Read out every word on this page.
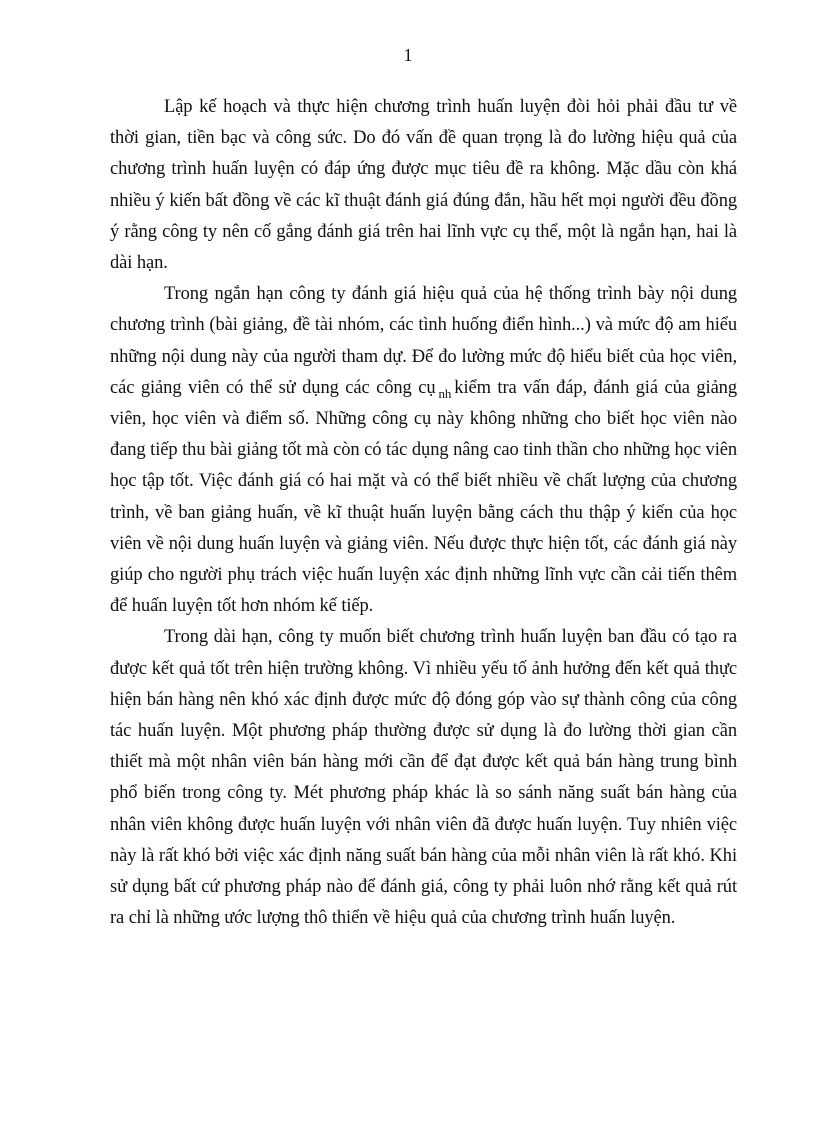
1

Lập kế hoạch và thực hiện chương trình huấn luyện đòi hỏi phải đầu tư về thời gian, tiền bạc và công sức. Do đó vấn đề quan trọng là đo lường hiệu quả của chương trình huấn luyện có đáp ứng được mục tiêu đề ra không. Mặc dầu còn khá nhiều ý kiến bất đồng về các kĩ thuật đánh giá đúng đắn, hầu hết mọi người đều đồng ý rằng công ty nên cố gắng đánh giá trên hai lĩnh vực cụ thể, một là ngắn hạn, hai là dài hạn.

Trong ngắn hạn công ty đánh giá hiệu quả của hệ thống trình bày nội dung chương trình (bài giảng, đề tài nhóm, các tình huống điển hình...) và mức độ am hiểu những nội dung này của người tham dự. Để đo lường mức độ hiểu biết của học viên, các giảng viên có thể sử dụng các công cụ $_{nh}$ kiểm tra vấn đáp, đánh giá của giảng viên, học viên và điểm số. Những công cụ này không những cho biết học viên nào đang tiếp thu bài giảng tốt mà còn có tác dụng nâng cao tinh thần cho những học viên học tập tốt. Việc đánh giá có hai mặt và có thể biết nhiều về chất lượng của chương trình, về ban giảng huấn, về kĩ thuật huấn luyện bằng cách thu thập ý kiến của học viên về nội dung huấn luyện và giảng viên. Nếu được thực hiện tốt, các đánh giá này giúp cho người phụ trách việc huấn luyện xác định những lĩnh vực cần cải tiến thêm để huấn luyện tốt hơn nhóm kế tiếp.

Trong dài hạn, công ty muốn biết chương trình huấn luyện ban đầu có tạo ra được kết quả tốt trên hiện trường không. Vì nhiều yếu tố ảnh hưởng đến kết quả thực hiện bán hàng nên khó xác định được mức độ đóng góp vào sự thành công của công tác huấn luyện. Một phương pháp thường được sử dụng là đo lường thời gian cần thiết mà một nhân viên bán hàng mới cần để đạt được kết quả bán hàng trung bình phổ biến trong công ty. Mét phương pháp khác là so sánh năng suất bán hàng của nhân viên không được huấn luyện với nhân viên đã được huấn luyện. Tuy nhiên việc này là rất khó bởi việc xác định năng suất bán hàng của mỗi nhân viên là rất khó. Khi sử dụng bất cứ phương pháp nào để đánh giá, công ty phải luôn nhớ rằng kết quả rút ra chỉ là những ước lượng thô thiển về hiệu quả của chương trình huấn luyện.
